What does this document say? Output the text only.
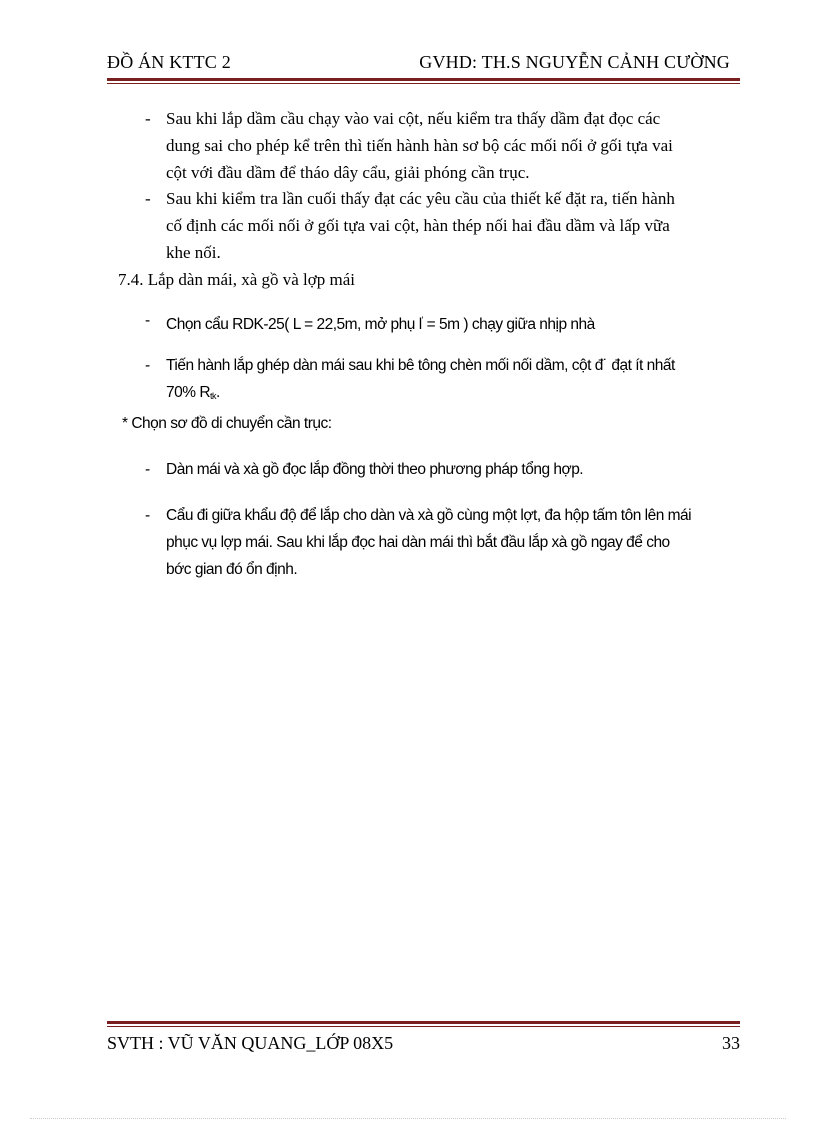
ĐỒ ÁN KTTC 2	GVHD: TH.S NGUYỄN CẢNH CƯỜNG
- Sau khi lắp dầm cầu chạy vào vai cột, nếu kiểm tra thấy dầm đạt đọc các

dung sai cho phép kể trên thì tiến hành hàn sơ bộ các mối nối ở gối tựa vai

cột với đầu dầm để tháo dây cẩu, giải phóng cần trục.

- Sau khi kiểm tra lần cuối thấy đạt các yêu cầu của thiết kế đặt ra, tiến hành

cố định các mối nối ở gối tựa vai cột, hàn thép nối hai đầu dầm và lấp vữa

khe nối.

7.4. Lắp dàn mái, xà gồ và lợp mái

- Chọn cẩu RDK-25( L = 22,5m, mở phụ l' = 5m ) chạy giữa nhịp nhà

- Tiến hành lắp ghép dàn mái sau khi bê tông chèn mối nối dầm, cột đ˙ đạt ít nhất

70% $R_{tk}$.

* Chọn sơ đồ di chuyển cần trục:

- Dàn mái và xà gồ đọc lắp đồng thời theo phương pháp tổng hợp.

- Cẩu đi giữa khẩu độ để lắp cho dàn và xà gồ cùng một lợt, đa hộp tấm tôn lên mái

phục vụ lợp mái. Sau khi lắp đọc hai dàn mái thì bắt đầu lắp xà gồ ngay để cho

bớc gian đó ổn định.

SVTH : VŨ VĂN QUANG_LỚP 08X5	33
